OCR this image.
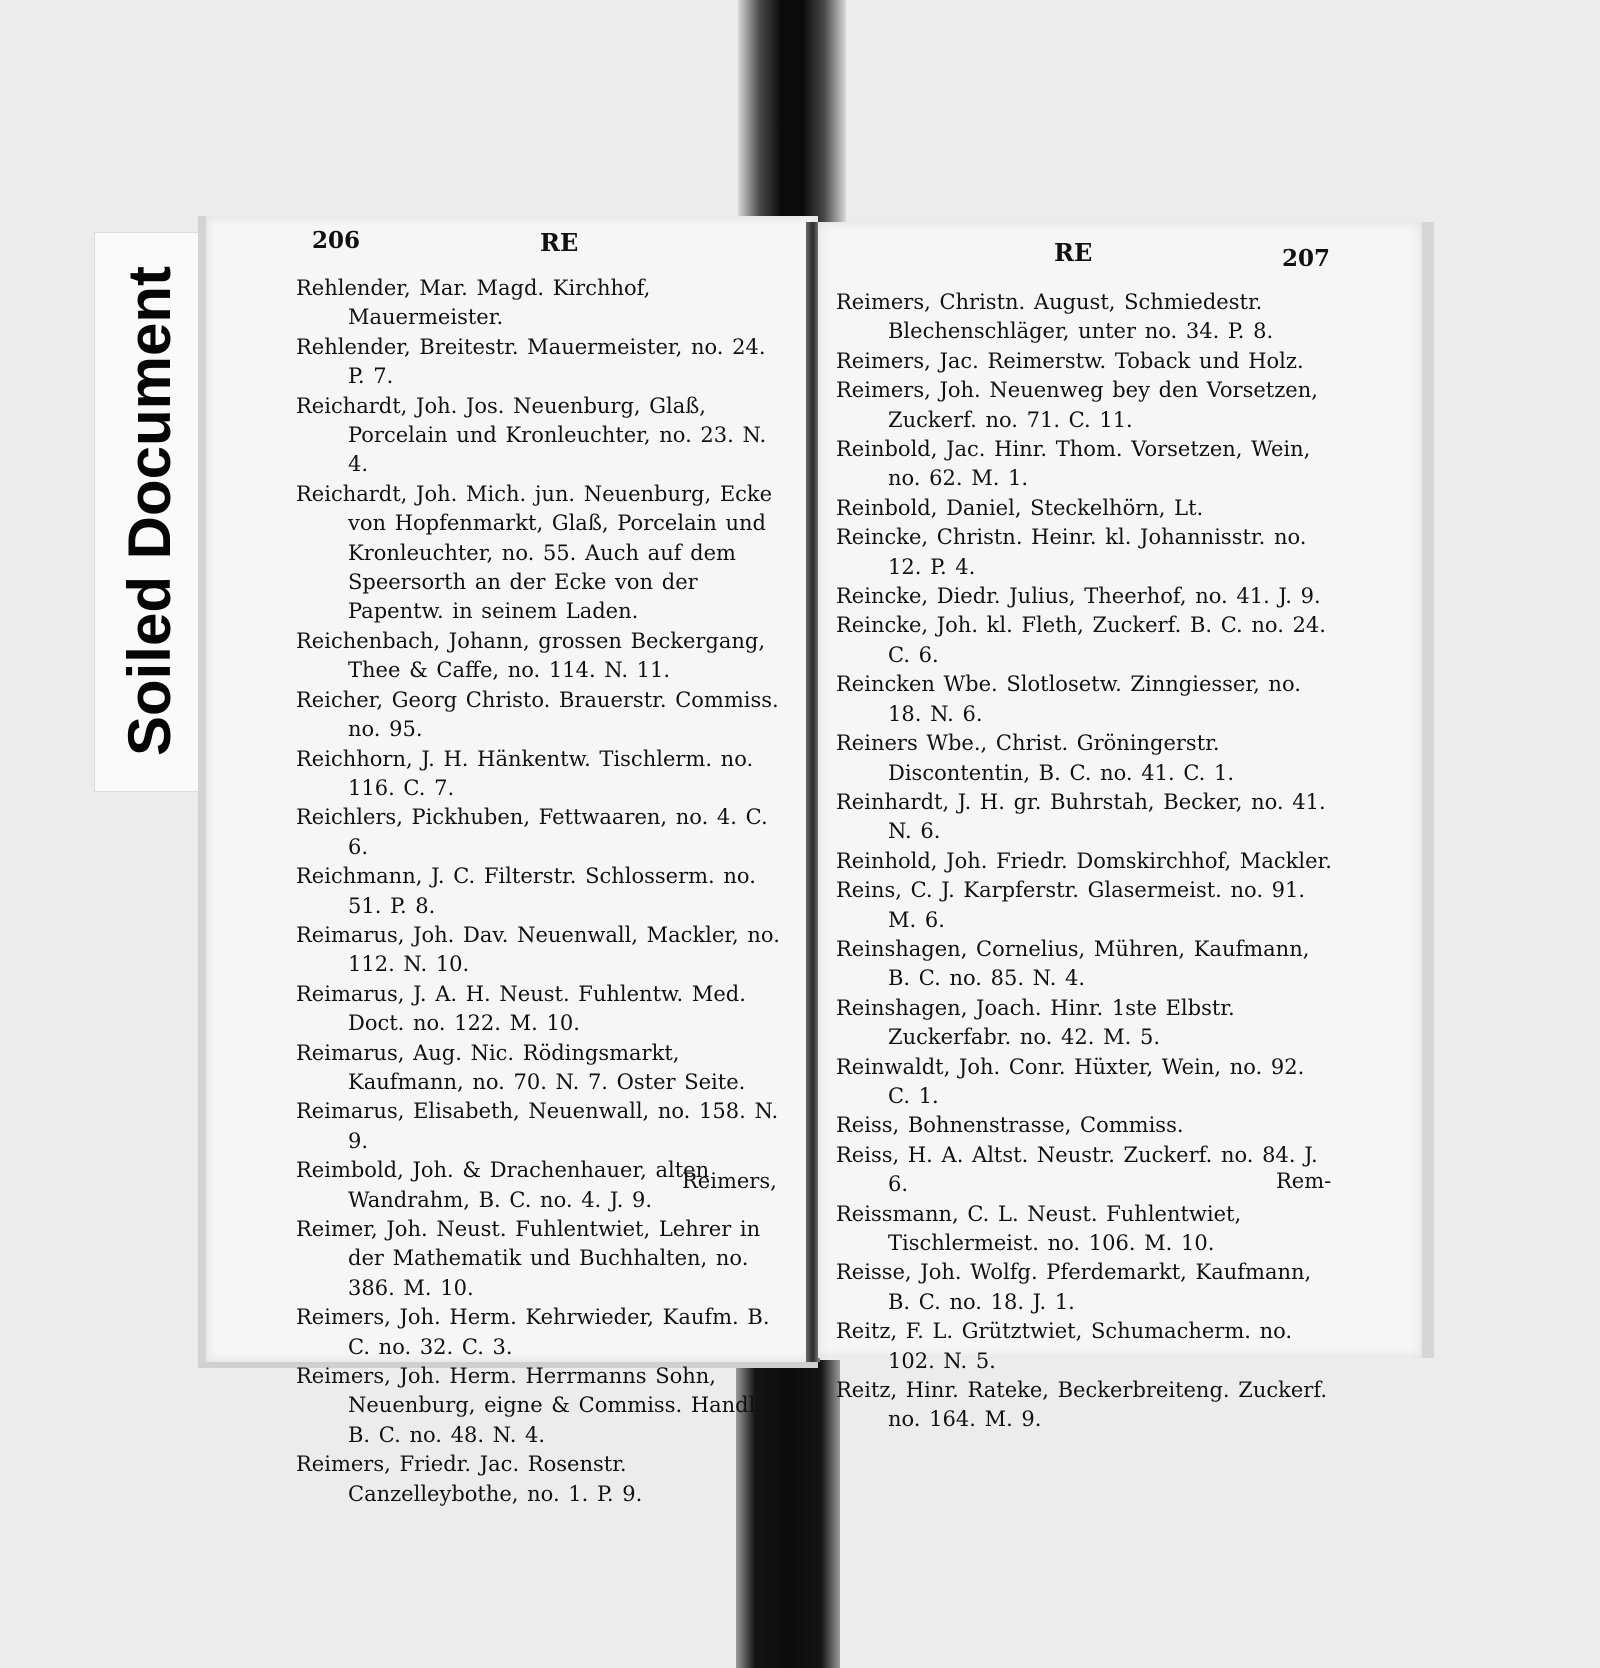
Soiled Document
206	RE	RE	207

Rehlender, Mar. Magd. Kirchhof, Mauermeister.

Rehlender, Breitestr. Mauermeister, no. 24. P. 7.

Reichardt, Joh. Jos. Neuenburg, Glaß, Porcelain und Kronleuchter, no. 23. N. 4.

Reichardt, Joh. Mich. jun. Neuenburg, Ecke von Hopfenmarkt, Glaß, Porcelain und Kronleuchter, no. 55. Auch auf dem Speersorth an der Ecke von der Papentw. in seinem Laden.

Reichenbach, Johann, grossen Beckergang, Thee & Caffe, no. 114. N. 11.

Reicher, Georg Christo. Brauerstr. Commiss. no. 95.

Reichhorn, J. H. Hänkentw. Tischlerm. no. 116. C. 7.

Reichlers, Pickhuben, Fettwaaren, no. 4. C. 6.

Reichmann, J. C. Filterstr. Schlosserm. no. 51. P. 8.

Reimarus, Joh. Dav. Neuenwall, Mackler, no. 112. N. 10.

Reimarus, J. A. H. Neust. Fuhlentw. Med. Doct. no. 122. M. 10.

Reimarus, Aug. Nic. Rödingsmarkt, Kaufmann, no. 70. N. 7. Oster Seite.

Reimarus, Elisabeth, Neuenwall, no. 158. N. 9.

Reimbold, Joh. & Drachenhauer, alten Wandrahm, B. C. no. 4. J. 9.

Reimer, Joh. Neust. Fuhlentwiet, Lehrer in der Mathematik und Buchhalten, no. 386. M. 10.

Reimers, Joh. Herm. Kehrwieder, Kaufm. B. C. no. 32. C. 3.

Reimers, Joh. Herm. Herrmanns Sohn, Neuenburg, eigne & Commiss. Handl. B. C. no. 48. N. 4.

Reimers, Friedr. Jac. Rosenstr. Canzelleybothe, no. 1. P. 9.

Reimers,

Reimers, Christn. August, Schmiedestr. Blechenschläger, unter no. 34. P. 8.

Reimers, Jac. Reimerstw. Toback und Holz.

Reimers, Joh. Neuenweg bey den Vorsetzen, Zuckerf. no. 71. C. 11.

Reinbold, Jac. Hinr. Thom. Vorsetzen, Wein, no. 62. M. 1.

Reinbold, Daniel, Steckelhörn, Lt.

Reincke, Christn. Heinr. kl. Johannisstr. no. 12. P. 4.

Reincke, Diedr. Julius, Theerhof, no. 41. J. 9.

Reincke, Joh. kl. Fleth, Zuckerf. B. C. no. 24. C. 6.

Reincken Wbe. Slotlosetw. Zinngiesser, no. 18. N. 6.

Reiners Wbe., Christ. Gröningerstr. Discontentin, B. C. no. 41. C. 1.

Reinhardt, J. H. gr. Buhrstah, Becker, no. 41. N. 6.

Reinhold, Joh. Friedr. Domskirchhof, Mackler.

Reins, C. J. Karpferstr. Glasermeist. no. 91. M. 6.

Reinshagen, Cornelius, Mühren, Kaufmann, B. C. no. 85. N. 4.

Reinshagen, Joach. Hinr. 1ste Elbstr. Zuckerfabr. no. 42. M. 5.

Reinwaldt, Joh. Conr. Hüxter, Wein, no. 92. C. 1.

Reiss, Bohnenstrasse, Commiss.

Reiss, H. A. Altst. Neustr. Zuckerf. no. 84. J. 6.

Reissmann, C. L. Neust. Fuhlentwiet, Tischlermeist. no. 106. M. 10.

Reisse, Joh. Wolfg. Pferdemarkt, Kaufmann, B. C. no. 18. J. 1.

Reitz, F. L. Grütztwiet, Schumacherm. no. 102. N. 5.

Reitz, Hinr. Rateke, Beckerbreiteng. Zuckerf. no. 164. M. 9.

Rem-
